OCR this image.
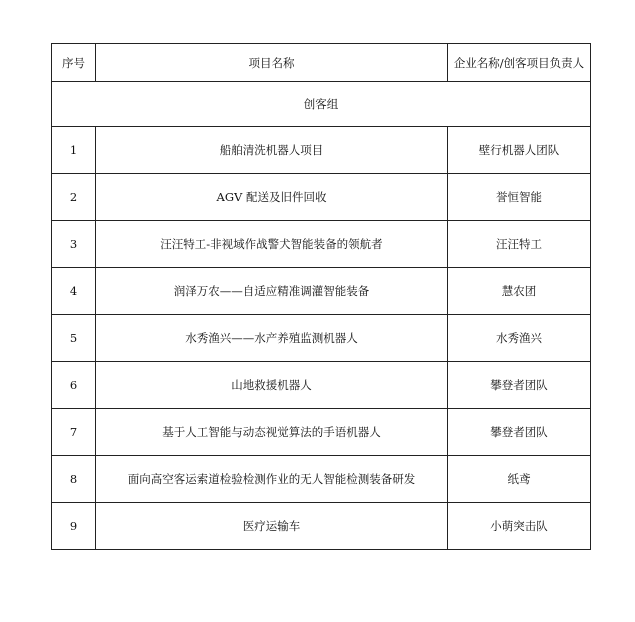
序号	项目名称	企业名称/创客项目负责人
创客组		
1	船舶清洗机器人项目	壁行机器人团队
2	AGV 配送及旧件回收	誉恒智能
3	汪汪特工-非视域作战警犬智能装备的领航者	汪汪特工
4	润泽万农——自适应精准调灌智能装备	慧农团
5	水秀渔兴——水产养殖监测机器人	水秀渔兴
6	山地救援机器人	攀登者团队
7	基于人工智能与动态视觉算法的手语机器人	攀登者团队
8	面向高空客运索道检验检测作业的无人智能检测装备研发	纸鸢
9	医疗运输车	小萌突击队
